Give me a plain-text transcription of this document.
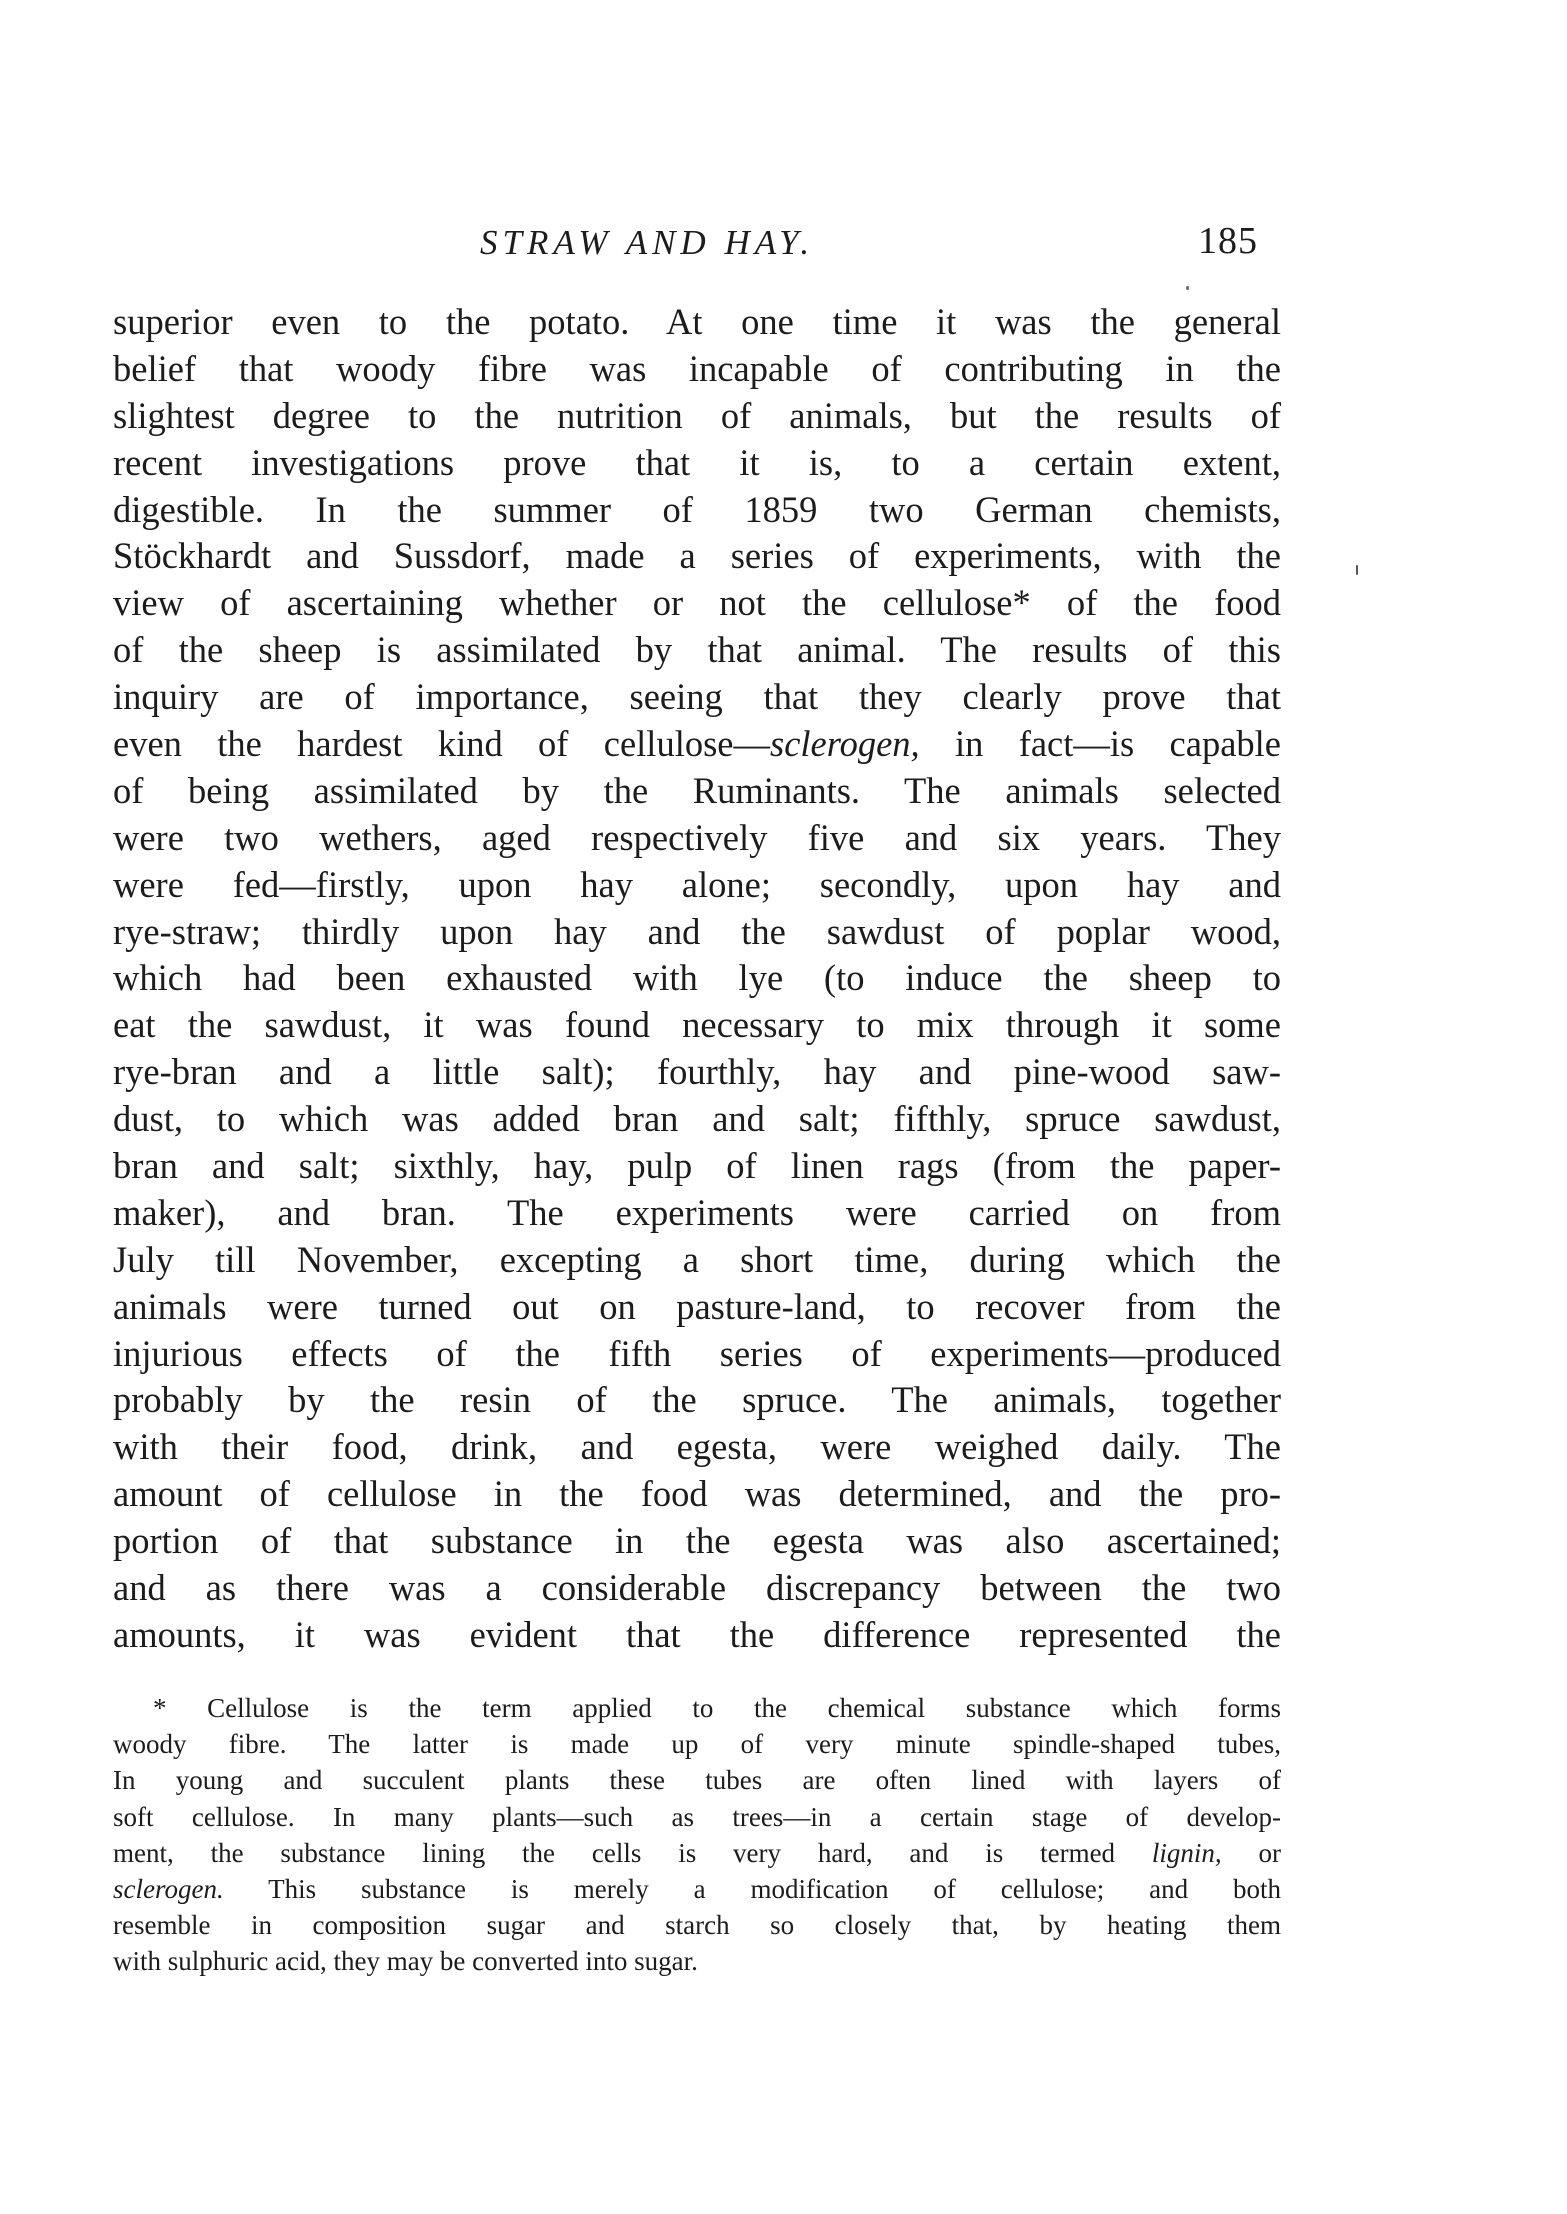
STRAW AND HAY.	185
superior even to the potato. At one time it was the general
belief that woody fibre was incapable of contributing in the
slightest degree to the nutrition of animals, but the results of
recent investigations prove that it is, to a certain extent,
digestible. In the summer of 1859 two German chemists,
Stöckhardt and Sussdorf, made a series of experiments, with the
view of ascertaining whether or not the cellulose* of the food
of the sheep is assimilated by that animal. The results of this
inquiry are of importance, seeing that they clearly prove that
even the hardest kind of cellulose—sclerogen, in fact—is capable
of being assimilated by the Ruminants. The animals selected
were two wethers, aged respectively five and six years. They
were fed—firstly, upon hay alone; secondly, upon hay and
rye-straw; thirdly upon hay and the sawdust of poplar wood,
which had been exhausted with lye (to induce the sheep to
eat the sawdust, it was found necessary to mix through it some
rye-bran and a little salt); fourthly, hay and pine-wood saw-
dust, to which was added bran and salt; fifthly, spruce sawdust,
bran and salt; sixthly, hay, pulp of linen rags (from the paper-
maker), and bran. The experiments were carried on from
July till November, excepting a short time, during which the
animals were turned out on pasture-land, to recover from the
injurious effects of the fifth series of experiments—produced
probably by the resin of the spruce. The animals, together
with their food, drink, and egesta, were weighed daily. The
amount of cellulose in the food was determined, and the pro-
portion of that substance in the egesta was also ascertained;
and as there was a considerable discrepancy between the two
amounts, it was evident that the difference represented the
* Cellulose is the term applied to the chemical substance which forms
woody fibre. The latter is made up of very minute spindle-shaped tubes,
In young and succulent plants these tubes are often lined with layers of
soft cellulose. In many plants—such as trees—in a certain stage of develop-
ment, the substance lining the cells is very hard, and is termed lignin, or
sclerogen. This substance is merely a modification of cellulose; and both
resemble in composition sugar and starch so closely that, by heating them
with sulphuric acid, they may be converted into sugar.
